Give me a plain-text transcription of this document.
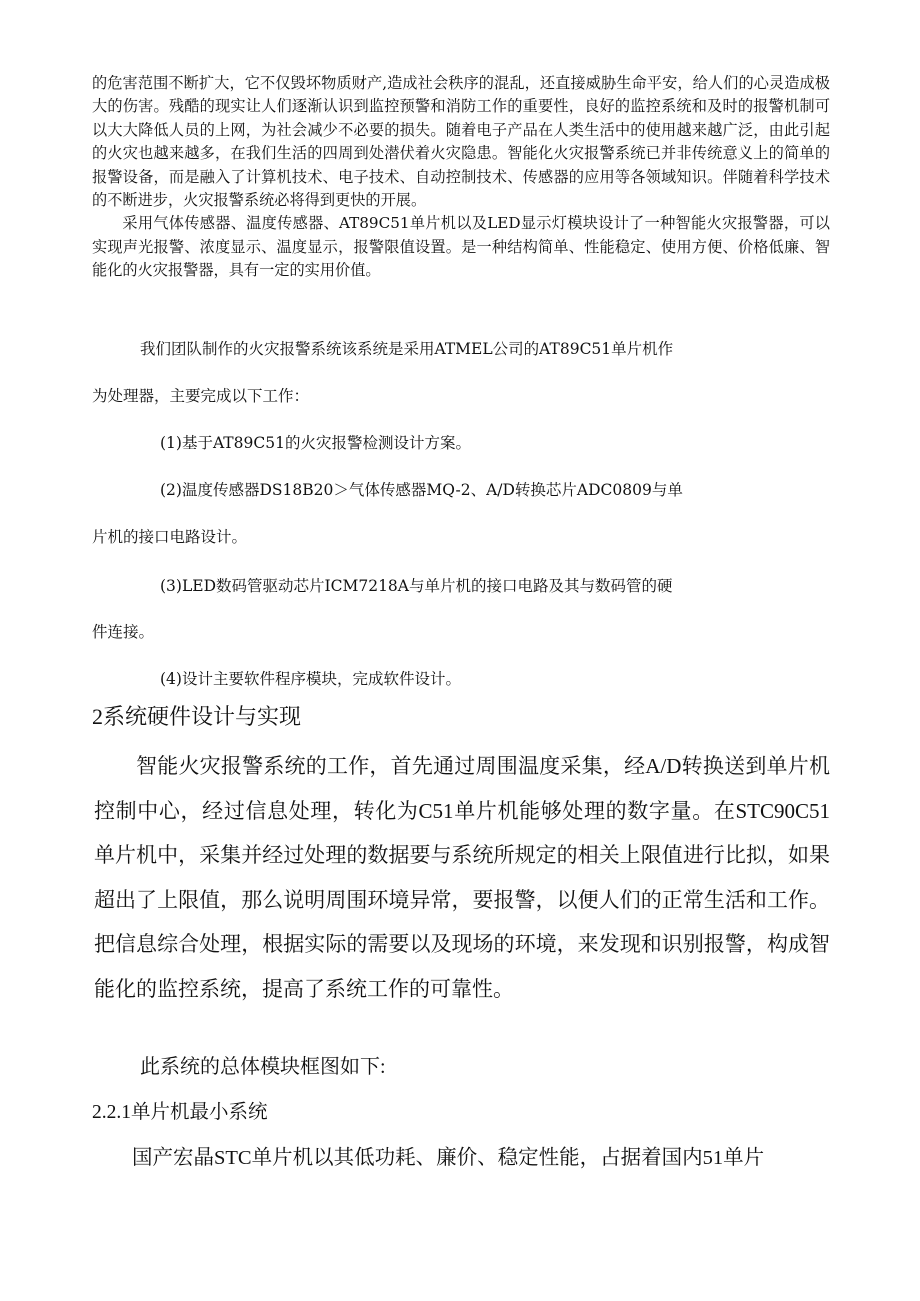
的危害范围不断扩大，它不仅毁坏物质财产,造成社会秩序的混乱，还直接威胁生命平安，给人们的心灵造成极大的伤害。残酷的现实让人们逐渐认识到监控预警和消防工作的重要性，良好的监控系统和及时的报警机制可以大大降低人员的上网，为社会减少不必要的损失。随着电子产品在人类生活中的使用越来越广泛，由此引起的火灾也越来越多，在我们生活的四周到处潜伏着火灾隐患。智能化火灾报警系统已并非传统意义上的简单的报警设备，而是融入了计算机技术、电子技术、自动控制技术、传感器的应用等各领域知识。伴随着科学技术的不断进步，火灾报警系统必将得到更快的开展。
采用气体传感器、温度传感器、AT89C51单片机以及LED显示灯模块设计了一种智能火灾报警器，可以实现声光报警、浓度显示、温度显示，报警限值设置。是一种结构简单、性能稳定、使用方便、价格低廉、智能化的火灾报警器，具有一定的实用价值。

我们团队制作的火灾报警系统该系统是采用ATMEL公司的AT89C51单片机作

为处理器，主要完成以下工作：

(1)基于AT89C51的火灾报警检测设计方案。

(2)温度传感器DS18B20＞气体传感器MQ-2、A/D转换芯片ADC0809与单

片机的接口电路设计。

(3)LED数码管驱动芯片ICM7218A与单片机的接口电路及其与数码管的硬

件连接。

(4)设计主要软件程序模块，完成软件设计。

2系统硬件设计与实现

智能火灾报警系统的工作，首先通过周围温度采集，经A/D转换送到单片机控制中心，经过信息处理，转化为C51单片机能够处理的数字量。在STC90C51单片机中，采集并经过处理的数据要与系统所规定的相关上限值进行比拟，如果超出了上限值，那么说明周围环境异常，要报警，以便人们的正常生活和工作。把信息综合处理，根据实际的需要以及现场的环境，来发现和识别报警，构成智能化的监控系统，提高了系统工作的可靠性。

此系统的总体模块框图如下:

2.2.1单片机最小系统

国产宏晶STC单片机以其低功耗、廉价、稳定性能，占据着国内51单片
